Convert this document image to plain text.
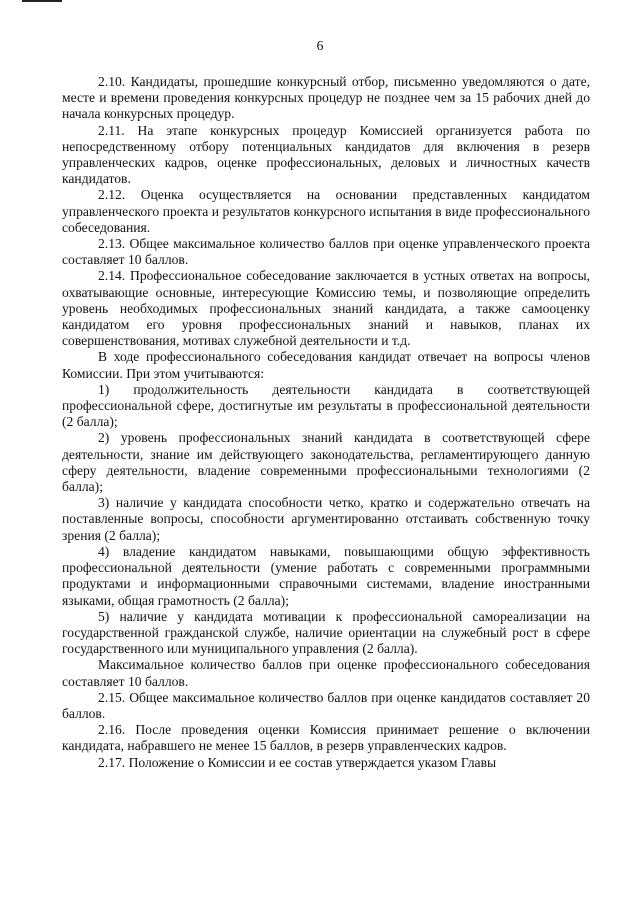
6

2.10. Кандидаты, прошедшие конкурсный отбор, письменно уведомляются о дате, месте и времени проведения конкурсных процедур не позднее чем за 15 рабочих дней до начала конкурсных процедур.

2.11. На этапе конкурсных процедур Комиссией организуется работа по непосредственному отбору потенциальных кандидатов для включения в резерв управленческих кадров, оценке профессиональных, деловых и личностных качеств кандидатов.

2.12. Оценка осуществляется на основании представленных кандидатом управленческого проекта и результатов конкурсного испытания в виде профессионального собеседования.

2.13. Общее максимальное количество баллов при оценке управленческого проекта составляет 10 баллов.

2.14. Профессиональное собеседование заключается в устных ответах на вопросы, охватывающие основные, интересующие Комиссию темы, и позволяющие определить уровень необходимых профессиональных знаний кандидата, а также самооценку кандидатом его уровня профессиональных знаний и навыков, планах их совершенствования, мотивах служебной деятельности и т.д.

В ходе профессионального собеседования кандидат отвечает на вопросы членов Комиссии. При этом учитываются:

1) продолжительность деятельности кандидата в соответствующей профессиональной сфере, достигнутые им результаты в профессиональной деятельности (2 балла);

2) уровень профессиональных знаний кандидата в соответствующей сфере деятельности, знание им действующего законодательства, регламентирующего данную сферу деятельности, владение современными профессиональными технологиями (2 балла);

3) наличие у кандидата способности четко, кратко и содержательно отвечать на поставленные вопросы, способности аргументированно отстаивать собственную точку зрения (2 балла);

4) владение кандидатом навыками, повышающими общую эффективность профессиональной деятельности (умение работать с современными программными продуктами и информационными справочными системами, владение иностранными языками, общая грамотность (2 балла);

5) наличие у кандидата мотивации к профессиональной самореализации на государственной гражданской службе, наличие ориентации на служебный рост в сфере государственного или муниципального управления (2 балла).

Максимальное количество баллов при оценке профессионального собеседования составляет 10 баллов.

2.15. Общее максимальное количество баллов при оценке кандидатов составляет 20 баллов.

2.16. После проведения оценки Комиссия принимает решение о включении кандидата, набравшего не менее 15 баллов, в резерв управленческих кадров.

2.17. Положение о Комиссии и ее состав утверждается указом Главы
